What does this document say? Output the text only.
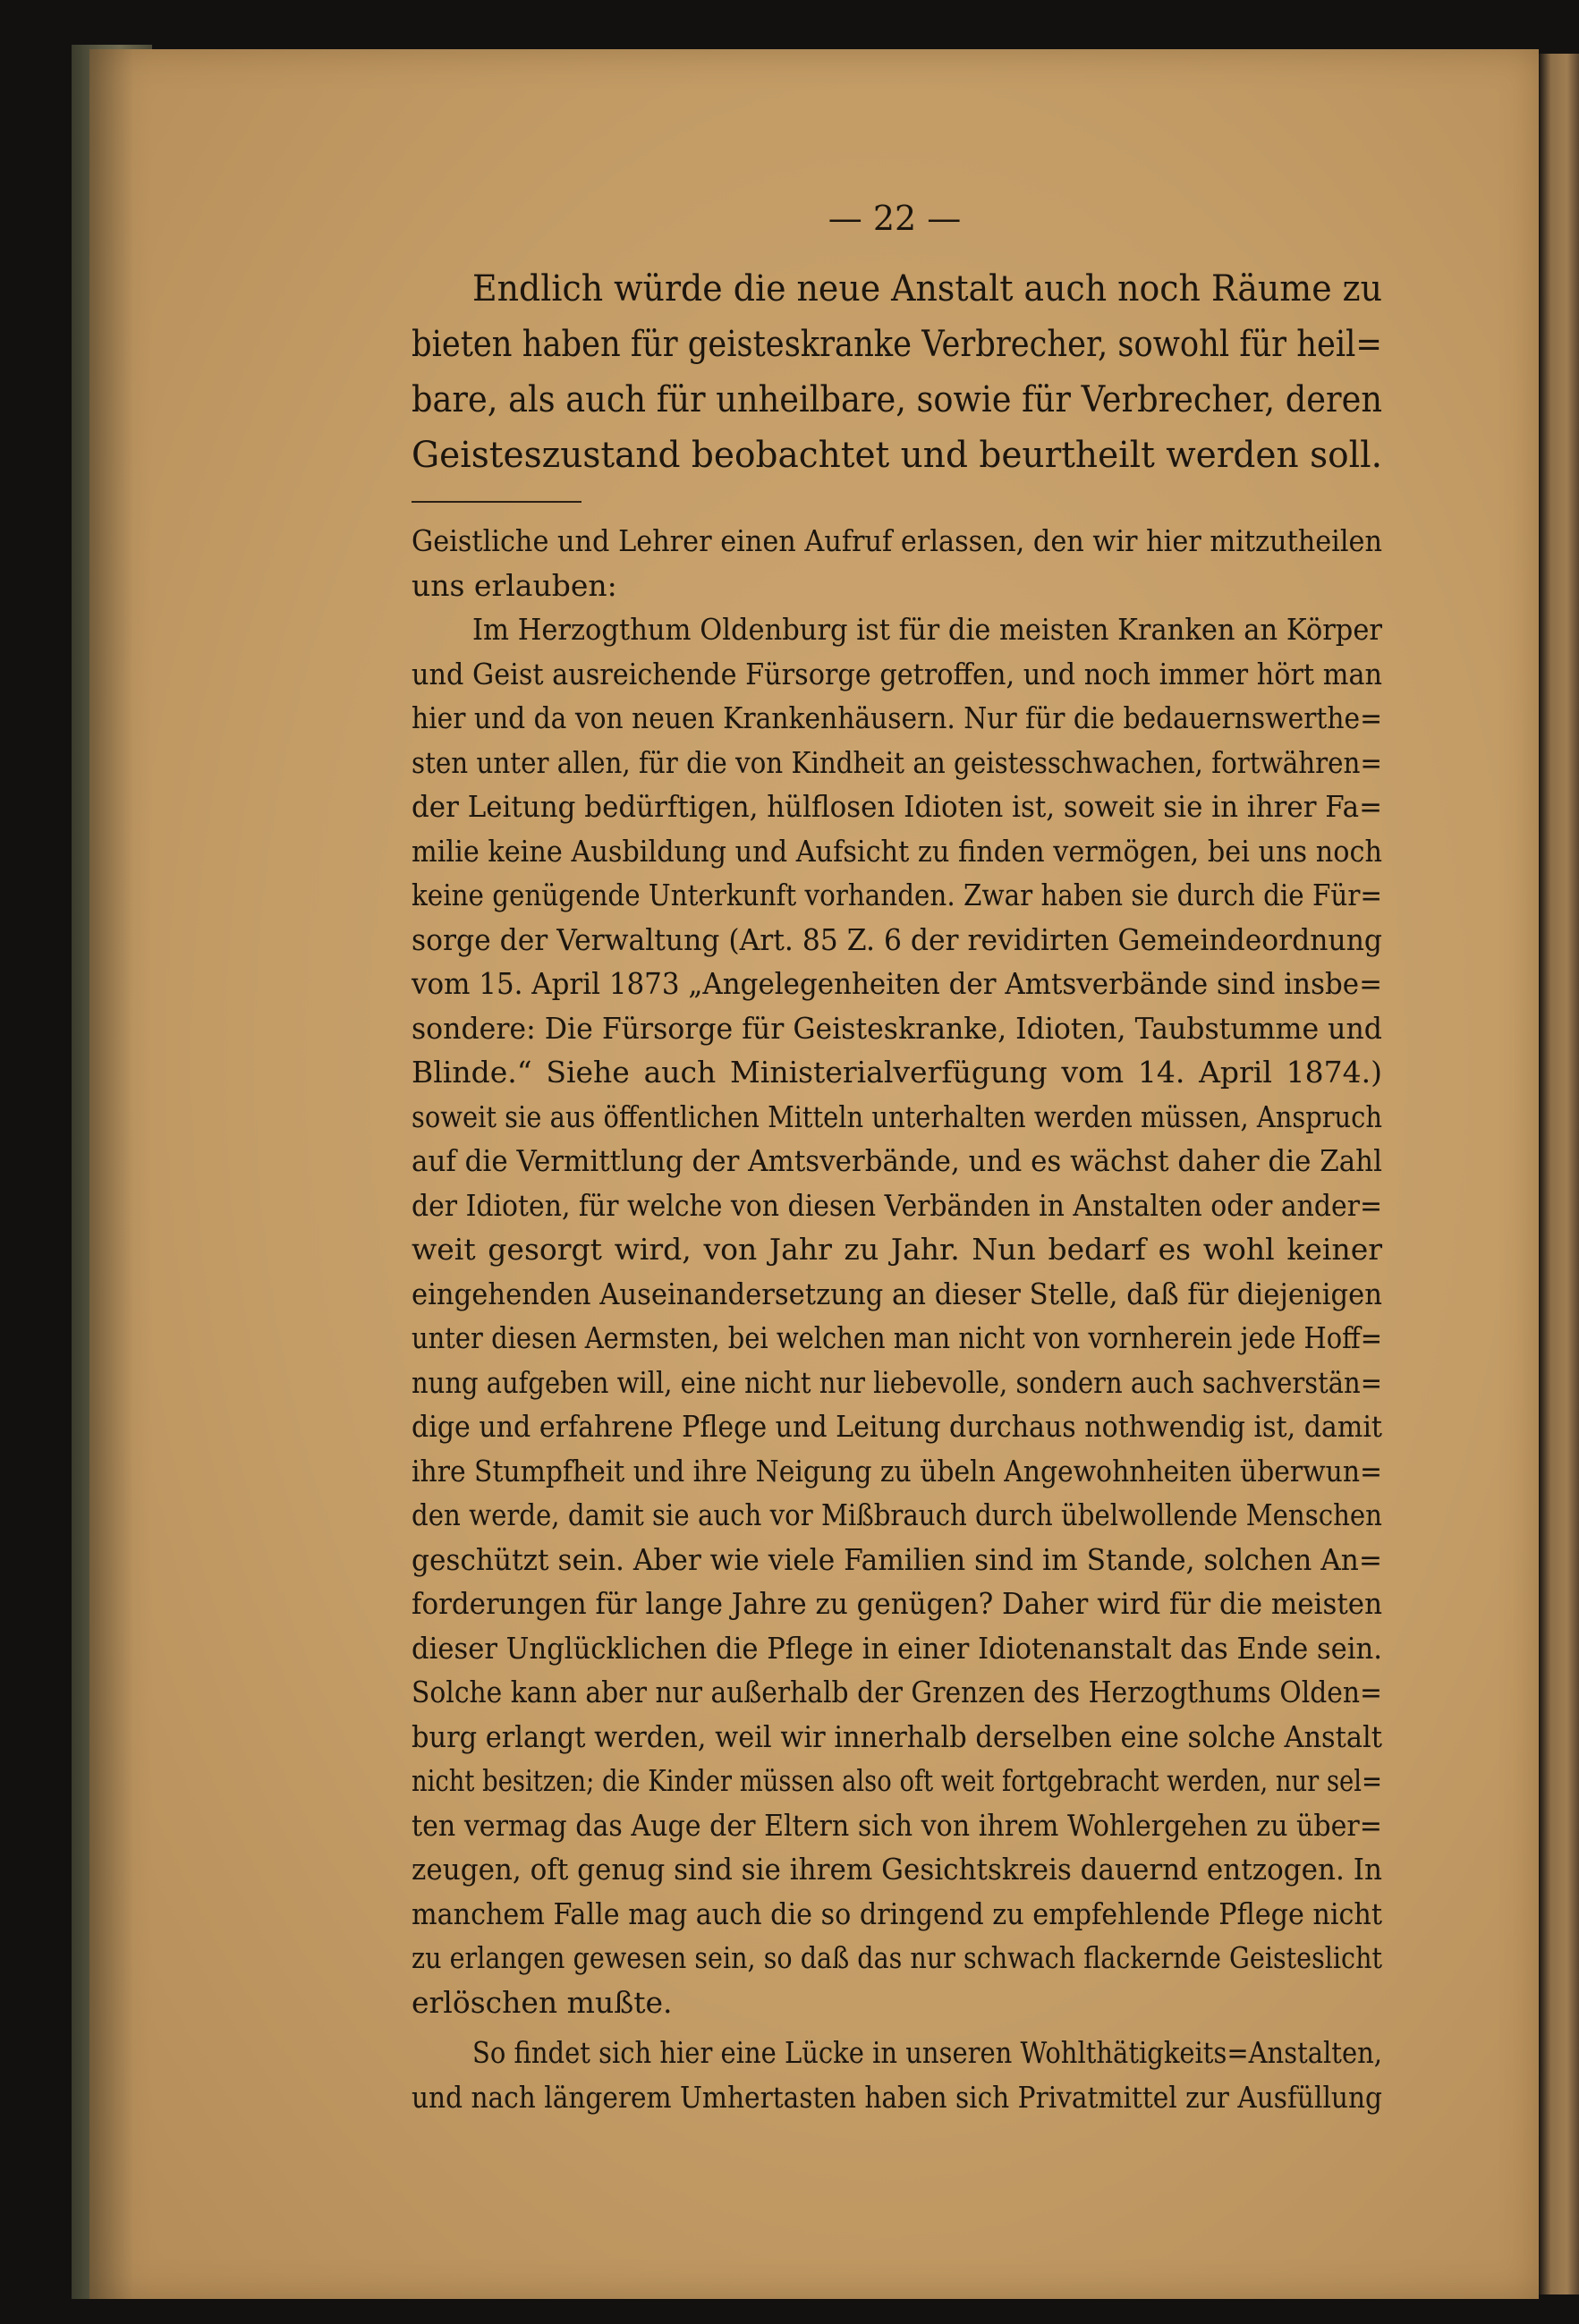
— 22 —
Endlich würde die neue Anstalt auch noch Räume zu
bieten haben für geisteskranke Verbrecher, sowohl für heil=
bare, als auch für unheilbare, sowie für Verbrecher, deren
Geisteszustand beobachtet und beurtheilt werden soll.
Geistliche und Lehrer einen Aufruf erlassen, den wir hier mitzutheilen
uns erlauben:
Im Herzogthum Oldenburg ist für die meisten Kranken an Körper
und Geist ausreichende Fürsorge getroffen, und noch immer hört man
hier und da von neuen Krankenhäusern. Nur für die bedauernswerthe=
sten unter allen, für die von Kindheit an geistesschwachen, fortwähren=
der Leitung bedürftigen, hülflosen Idioten ist, soweit sie in ihrer Fa=
milie keine Ausbildung und Aufsicht zu finden vermögen, bei uns noch
keine genügende Unterkunft vorhanden. Zwar haben sie durch die Für=
sorge der Verwaltung (Art. 85 Z. 6 der revidirten Gemeindeordnung
vom 15. April 1873 „Angelegenheiten der Amtsverbände sind insbe=
sondere: Die Fürsorge für Geisteskranke, Idioten, Taubstumme und
Blinde.“ Siehe auch Ministerialverfügung vom 14. April 1874.)
soweit sie aus öffentlichen Mitteln unterhalten werden müssen, Anspruch
auf die Vermittlung der Amtsverbände, und es wächst daher die Zahl
der Idioten, für welche von diesen Verbänden in Anstalten oder ander=
weit gesorgt wird, von Jahr zu Jahr. Nun bedarf es wohl keiner
eingehenden Auseinandersetzung an dieser Stelle, daß für diejenigen
unter diesen Aermsten, bei welchen man nicht von vornherein jede Hoff=
nung aufgeben will, eine nicht nur liebevolle, sondern auch sachverstän=
dige und erfahrene Pflege und Leitung durchaus nothwendig ist, damit
ihre Stumpfheit und ihre Neigung zu übeln Angewohnheiten überwun=
den werde, damit sie auch vor Mißbrauch durch übelwollende Menschen
geschützt sein. Aber wie viele Familien sind im Stande, solchen An=
forderungen für lange Jahre zu genügen? Daher wird für die meisten
dieser Unglücklichen die Pflege in einer Idiotenanstalt das Ende sein.
Solche kann aber nur außerhalb der Grenzen des Herzogthums Olden=
burg erlangt werden, weil wir innerhalb derselben eine solche Anstalt
nicht besitzen; die Kinder müssen also oft weit fortgebracht werden, nur sel=
ten vermag das Auge der Eltern sich von ihrem Wohlergehen zu über=
zeugen, oft genug sind sie ihrem Gesichtskreis dauernd entzogen. In
manchem Falle mag auch die so dringend zu empfehlende Pflege nicht
zu erlangen gewesen sein, so daß das nur schwach flackernde Geisteslicht
erlöschen mußte.
So findet sich hier eine Lücke in unseren Wohlthätigkeits=Anstalten,
und nach längerem Umhertasten haben sich Privatmittel zur Ausfüllung
